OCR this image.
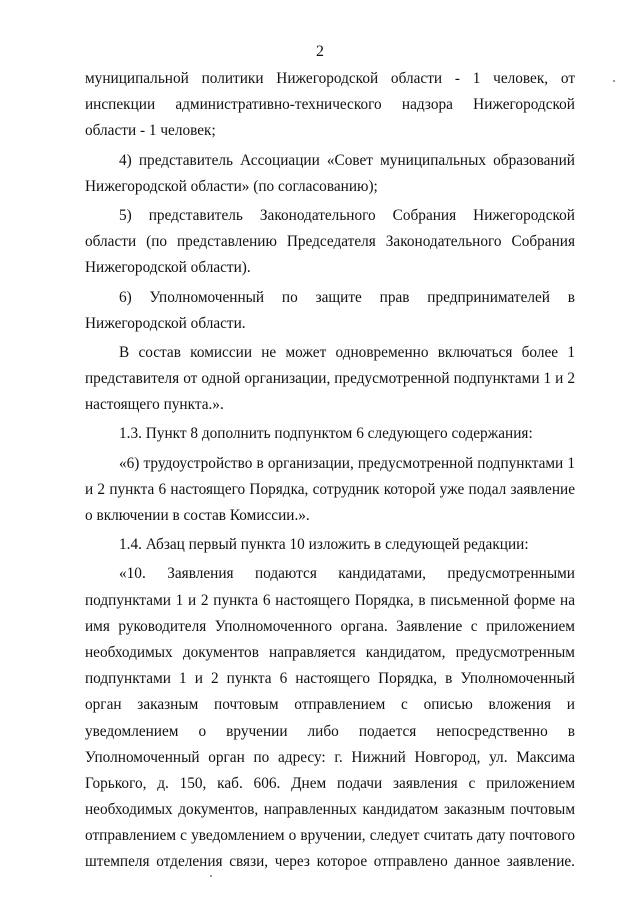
2
муниципальной политики Нижегородской области - 1 человек, от
инспекции административно-технического надзора Нижегородской
области - 1 человек;
4) представитель Ассоциации «Совет муниципальных образований
Нижегородской области» (по согласованию);
5) представитель Законодательного Собрания Нижегородской
области (по представлению Председателя Законодательного Собрания
Нижегородской области).
6) Уполномоченный по защите прав предпринимателей в
Нижегородской области.
В состав комиссии не может одновременно включаться более 1
представителя от одной организации, предусмотренной подпунктами 1 и 2
настоящего пункта.».
1.3. Пункт 8 дополнить подпунктом 6 следующего содержания:
«6) трудоустройство в организации, предусмотренной подпунктами 1
и 2 пункта 6 настоящего Порядка, сотрудник которой уже подал заявление
о включении в состав Комиссии.».
1.4. Абзац первый пункта 10 изложить в следующей редакции:
«10. Заявления подаются кандидатами, предусмотренными
подпунктами 1 и 2 пункта 6 настоящего Порядка, в письменной форме на
имя руководителя Уполномоченного органа. Заявление с приложением
необходимых документов направляется кандидатом, предусмотренным
подпунктами 1 и 2 пункта 6 настоящего Порядка, в Уполномоченный
орган заказным почтовым отправлением с описью вложения и
уведомлением о вручении либо подается непосредственно в
Уполномоченный орган по адресу: г. Нижний Новгород, ул. Максима
Горького, д. 150, каб. 606. Днем подачи заявления с приложением
необходимых документов, направленных кандидатом заказным почтовым
отправлением с уведомлением о вручении, следует считать дату почтового
штемпеля отделения связи, через которое отправлено данное заявление.
